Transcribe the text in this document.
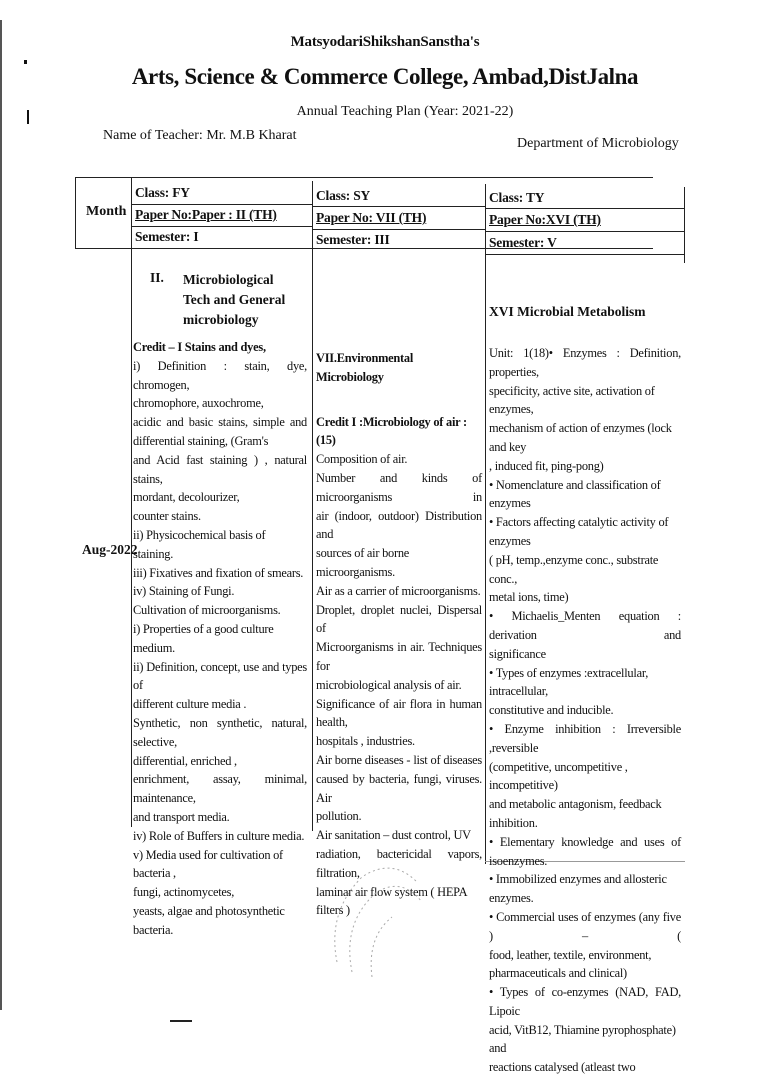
MatsyodariShikshanSanstha's
Arts, Science & Commerce College, Ambad,DistJalna
Annual Teaching Plan (Year: 2021-22)
Name of Teacher: Mr. M.B Kharat
Department of Microbiology
Month
Aug-2022
Class: FY
Paper No:Paper : II (TH)
Semester: I
Class: SY
Paper No: VII (TH)
Semester: III
Class: TY
Paper No:XVI (TH)
Semester: V
II. Microbiological Tech and General microbiology
XVI Microbial Metabolism

Credit – I Stains and dyes,

i) Definition : stain, dye, chromogen,

chromophore, auxochrome,

acidic and basic stains, simple and

differential staining, (Gram's

and Acid fast staining ) , natural stains,

mordant, decolourizer,

counter stains.

ii) Physicochemical basis of staining.

iii) Fixatives and fixation of smears.

iv) Staining of Fungi.

Cultivation of microorganisms.

i) Properties of a good culture medium.

ii) Definition, concept, use and types of

different culture media .

Synthetic, non synthetic, natural, selective,

differential, enriched ,

enrichment, assay, minimal, maintenance,

and transport media.

iv) Role of Buffers in culture media.

v) Media used for cultivation of bacteria ,

fungi, actinomycetes,

yeasts, algae and photosynthetic bacteria.

VII.Environmental Microbiology

Credit I :Microbiology of air : (15)

Composition of air.

Number and kinds of microorganisms in

air (indoor, outdoor) Distribution and

sources of air borne microorganisms.

Air as a carrier of microorganisms.

Droplet, droplet nuclei, Dispersal of

Microorganisms in air. Techniques for

microbiological analysis of air.

Significance of air flora in human health,

hospitals , industries.

Air borne diseases - list of diseases

caused by bacteria, fungi, viruses. Air

pollution.

Air sanitation – dust control, UV

radiation, bactericidal vapors, filtration,

laminar air flow system ( HEPA filters )

Unit: 1(18)• Enzymes : Definition, properties,

specificity, active site, activation of enzymes,

mechanism of action of enzymes (lock and key

, induced fit, ping-pong)

• Nomenclature and classification of enzymes

• Factors affecting catalytic activity of enzymes

( pH, temp.,enzyme conc., substrate conc.,

metal ions, time)

• Michaelis_Menten equation : derivation and

significance

• Types of enzymes :extracellular, intracellular,

constitutive and inducible.

• Enzyme inhibition : Irreversible ,reversible

(competitive, uncompetitive , incompetitive)

and metabolic antagonism, feedback inhibition.

• Elementary knowledge and uses of

isoenzymes.

• Immobilized enzymes and allosteric enzymes.

• Commercial uses of enzymes (any five ) – (

food, leather, textile, environment,

pharmaceuticals and clinical)

• Types of co-enzymes (NAD, FAD, Lipoic

acid, VitB12, Thiamine pyrophosphate) and

reactions catalysed (atleast two
